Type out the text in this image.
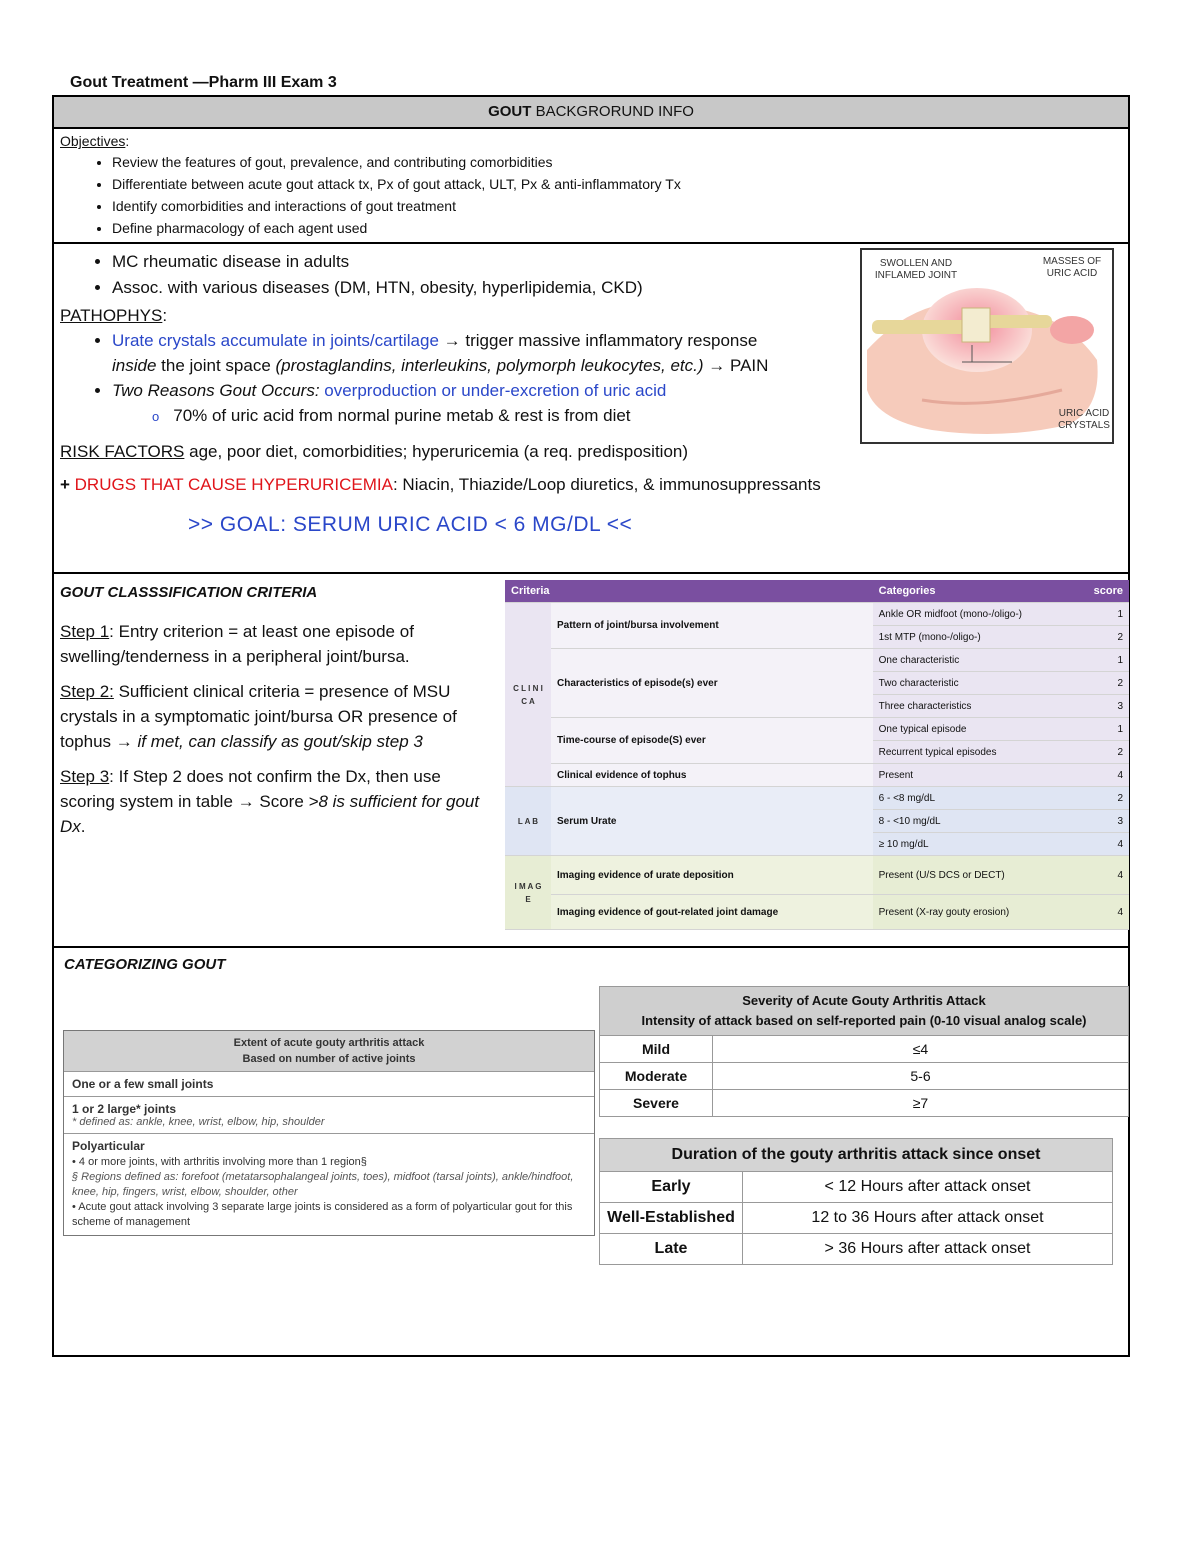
Gout Treatment —Pharm III Exam 3
GOUT BACKGRORUND INFO
Objectives:
• Review the features of gout, prevalence, and contributing comorbidities
• Differentiate between acute gout attack tx, Px of gout attack, ULT, Px & anti-inflammatory Tx
• Identify comorbidities and interactions of gout treatment
• Define pharmacology of each agent used
• MC rheumatic disease in adults
• Assoc. with various diseases (DM, HTN, obesity, hyperlipidemia, CKD)
PATHOPHYS:
• Urate crystals accumulate in joints/cartilage → trigger massive inflammatory response
inside the joint space (prostaglandins, interleukins, polymorph leukocytes, etc.) → PAIN
• Two Reasons Gout Occurs: overproduction or under-excretion of uric acid
o 70% of uric acid from normal purine metab & rest is from diet
RISK FACTORS age, poor diet, comorbidities; hyperuricemia (a req. predisposition)
+ DRUGS THAT CAUSE HYPERURICEMIA: Niacin, Thiazide/Loop diuretics, & immunosuppressants
>> GOAL: SERUM URIC ACID < 6 MG/DL <<
SWOLLEN AND INFLAMED JOINT
MASSES OF URIC ACID
URIC ACID CRYSTALS
GOUT CLASSSIFICATION CRITERIA
Step 1: Entry criterion = at least one episode of swelling/tenderness in a peripheral joint/bursa.
Step 2: Sufficient clinical criteria = presence of MSU crystals in a symptomatic joint/bursa OR presence of tophus → if met, can classify as gout/skip step 3
Step 3: If Step 2 does not confirm the Dx, then use scoring system in table → Score >8 is sufficient for gout Dx.
Criteria		Categories	score
C L I N I C A	Pattern of joint/bursa involvement	Ankle OR midfoot (mono-/oligo-)	1
		1st MTP (mono-/oligo-)	2
	Characteristics of episode(s) ever	One characteristic	1
		Two characteristic	2
		Three characteristics	3
	Time-course of episode(S) ever	One typical episode	1
		Recurrent typical episodes	2
	Clinical evidence of tophus	Present	4
L A B	Serum Urate	6 - <8 mg/dL	2
		8 - <10 mg/dL	3
		≥ 10 mg/dL	4
I M A G E	Imaging evidence of urate deposition	Present (U/S DCS or DECT)	4
	Imaging evidence of gout-related joint damage	Present (X-ray gouty erosion)	4
CATEGORIZING GOUT
Extent of acute gouty arthritis attack
Based on number of active joints
One or a few small joints
1 or 2 large* joints
* defined as: ankle, knee, wrist, elbow, hip, shoulder
Polyarticular
• 4 or more joints, with arthritis involving more than 1 region§
§ Regions defined as: forefoot (metatarsophalangeal joints, toes), midfoot (tarsal joints), ankle/hindfoot, knee, hip, fingers, wrist, elbow, shoulder, other
• Acute gout attack involving 3 separate large joints is considered as a form of polyarticular gout for this scheme of management
Severity of Acute Gouty Arthritis Attack
Intensity of attack based on self-reported pain (0-10 visual analog scale)	

Mild	≤4
Moderate	5-6
Severe	≥7
Duration of the gouty arthritis attack since onset	
Early	< 12 Hours after attack onset
Well-Established	12 to 36 Hours after attack onset
Late	> 36 Hours after attack onset
